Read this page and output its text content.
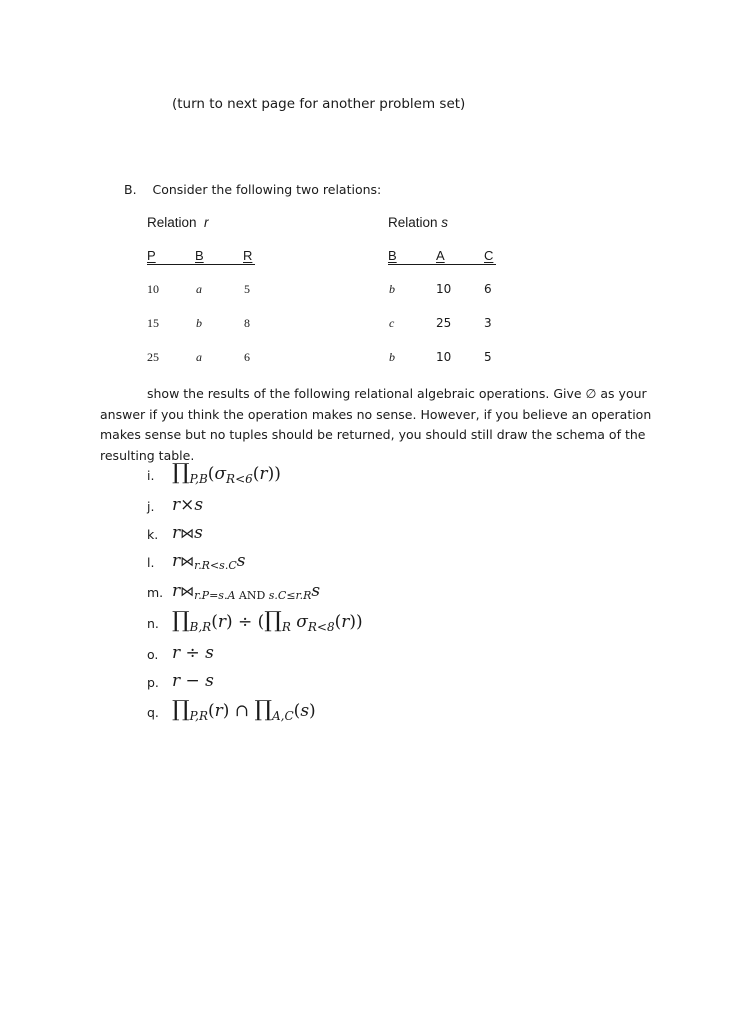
(turn to next page for another problem set)
B. Consider the following two relations:
Relation r
P	B	R
10	a	5
15	b	8
25	a	6
Relation s
B	A	C
b	10	6
c	25	3
b	10	5
show the results of the following relational algebraic operations. Give ∅ as your answer if you think the operation makes no sense. However, if you believe an operation makes sense but no tuples should be returned, you should still draw the schema of the resulting table.
i. $\prod_{P,B}(\sigma_{R<6}(r))$
j. r×s
k. r⋈s
l. r⋈r.R<s.Cs
m. r⋈r.P=s.A AND s.C≤r.Rs
n. $\prod_{B,R}(r)$ ÷ ($\prod_R$ $\sigma_{R<8}(r)$)
o. r ÷ s
p. r − s
q. $\prod_{P,R}(r)$ ∩ $\prod_{A,C}(s)$
